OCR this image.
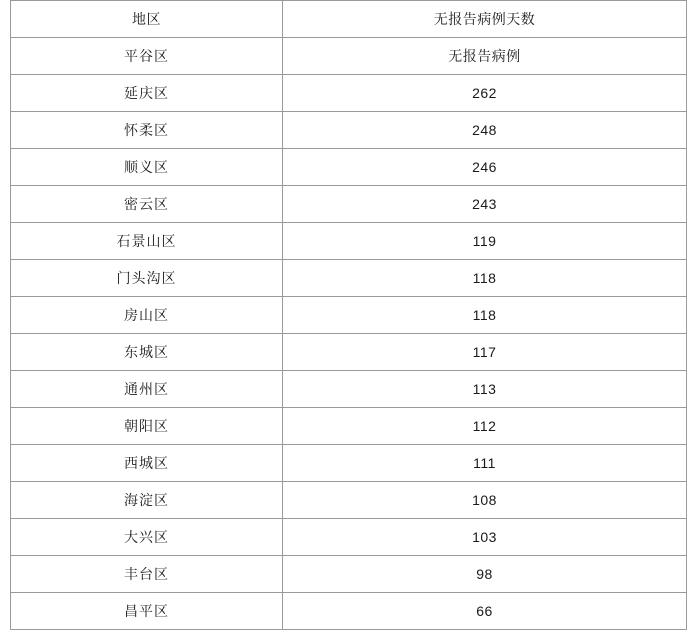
地区	无报告病例天数
平谷区	无报告病例
延庆区	262
怀柔区	248
顺义区	246
密云区	243
石景山区	119
门头沟区	118
房山区	118
东城区	117
通州区	113
朝阳区	112
西城区	111
海淀区	108
大兴区	103
丰台区	98
昌平区	66
